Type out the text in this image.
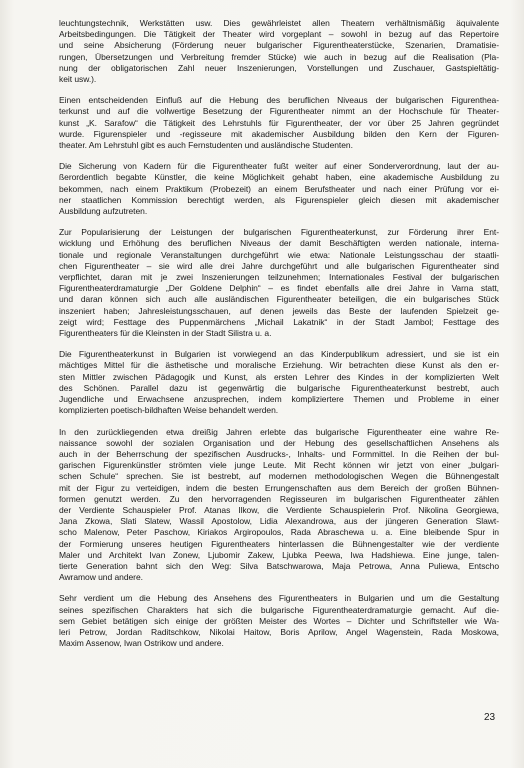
leuchtungstechnik, Werkstätten usw. Dies gewährleistet allen Theatern verhältnismäßig äquivalente
Arbeitsbedingungen. Die Tätigkeit der Theater wird vorgeplant – sowohl in bezug auf das Repertoire
und seine Absicherung (Förderung neuer bulgarischer Figurentheaterstücke, Szenarien, Dramatisie-
rungen, Übersetzungen und Verbreitung fremder Stücke) wie auch in bezug auf die Realisation (Pla-
nung der obligatorischen Zahl neuer Inszenierungen, Vorstellungen und Zuschauer, Gastspieltätig-
keit usw.).

Einen entscheidenden Einfluß auf die Hebung des beruflichen Niveaus der bulgarischen Figurenthea-
terkunst und auf die vollwertige Besetzung der Figurentheater nimmt an der Hochschule für Theater-
kunst „K. Sarafow“ die Tätigkeit des Lehrstuhls für Figurentheater, der vor über 25 Jahren gegründet
wurde. Figurenspieler und -regisseure mit akademischer Ausbildung bilden den Kern der Figuren-
theater. Am Lehrstuhl gibt es auch Fernstudenten und ausländische Studenten.

Die Sicherung von Kadern für die Figurentheater fußt weiter auf einer Sonderverordnung, laut der au-
ßerordentlich begabte Künstler, die keine Möglichkeit gehabt haben, eine akademische Ausbildung zu
bekommen, nach einem Praktikum (Probezeit) an einem Berufstheater und nach einer Prüfung vor ei-
ner staatlichen Kommission berechtigt werden, als Figurenspieler gleich diesen mit akademischer
Ausbildung aufzutreten.

Zur Popularisierung der Leistungen der bulgarischen Figurentheaterkunst, zur Förderung ihrer Ent-
wicklung und Erhöhung des beruflichen Niveaus der damit Beschäftigten werden nationale, interna-
tionale und regionale Veranstaltungen durchgeführt wie etwa: Nationale Leistungsschau der staatli-
chen Figurentheater – sie wird alle drei Jahre durchgeführt und alle bulgarischen Figurentheater sind
verpflichtet, daran mit je zwei Inszenierungen teilzunehmen; Internationales Festival der bulgarischen
Figurentheaterdramaturgie „Der Goldene Delphin“ – es findet ebenfalls alle drei Jahre in Varna statt,
und daran können sich auch alle ausländischen Figurentheater beteiligen, die ein bulgarisches Stück
inszeniert haben; Jahresleistungsschauen, auf denen jeweils das Beste der laufenden Spielzeit ge-
zeigt wird; Festtage des Puppenmärchens „Michail Lakatnik“ in der Stadt Jambol; Festtage des
Figurentheaters für die Kleinsten in der Stadt Silistra u. a.

Die Figurentheaterkunst in Bulgarien ist vorwiegend an das Kinderpublikum adressiert, und sie ist ein
mächtiges Mittel für die ästhetische und moralische Erziehung. Wir betrachten diese Kunst als den er-
sten Mittler zwischen Pädagogik und Kunst, als ersten Lehrer des Kindes in der komplizierten Welt
des Schönen. Parallel dazu ist gegenwärtig die bulgarische Figurentheaterkunst bestrebt, auch
Jugendliche und Erwachsene anzusprechen, indem kompliziertere Themen und Probleme in einer
komplizierten poetisch-bildhaften Weise behandelt werden.

In den zurückliegenden etwa dreißig Jahren erlebte das bulgarische Figurentheater eine wahre Re-
naissance sowohl der sozialen Organisation und der Hebung des gesellschaftlichen Ansehens als
auch in der Beherrschung der spezifischen Ausdrucks-, Inhalts- und Formmittel. In die Reihen der bul-
garischen Figurenkünstler strömten viele junge Leute. Mit Recht können wir jetzt von einer „bulgari-
schen Schule“ sprechen. Sie ist bestrebt, auf modernen methodologischen Wegen die Bühnengestalt
mit der Figur zu verteidigen, indem die besten Errungenschaften aus dem Bereich der großen Bühnen-
formen genutzt werden. Zu den hervorragenden Regisseuren im bulgarischen Figurentheater zählen
der Verdiente Schauspieler Prof. Atanas Ilkow, die Verdiente Schauspielerin Prof. Nikolina Georgiewa,
Jana Zkowa, Slati Slatew, Wassil Apostolow, Lidia Alexandrowa, aus der jüngeren Generation Slawt-
scho Malenow, Peter Paschow, Kiriakos Argiropoulos, Rada Abraschewa u. a. Eine bleibende Spur in
der Formierung unseres heutigen Figurentheaters hinterlassen die Bühnengestalter wie der verdiente
Maler und Architekt Ivan Zonew, Ljubomir Zakew, Ljubka Peewa, Iwa Hadshiewa. Eine junge, talen-
tierte Generation bahnt sich den Weg: Silva Batschwarowa, Maja Petrowa, Anna Puliewa, Entscho
Awramow und andere.

Sehr verdient um die Hebung des Ansehens des Figurentheaters in Bulgarien und um die Gestaltung
seines spezifischen Charakters hat sich die bulgarische Figurentheaterdramaturgie gemacht. Auf die-
sem Gebiet betätigen sich einige der größten Meister des Wortes – Dichter und Schriftsteller wie Wa-
leri Petrow, Jordan Raditschkow, Nikolai Haitow, Boris Aprilow, Angel Wagenstein, Rada Moskowa,
Maxim Assenow, Iwan Ostrikow und andere.

23
